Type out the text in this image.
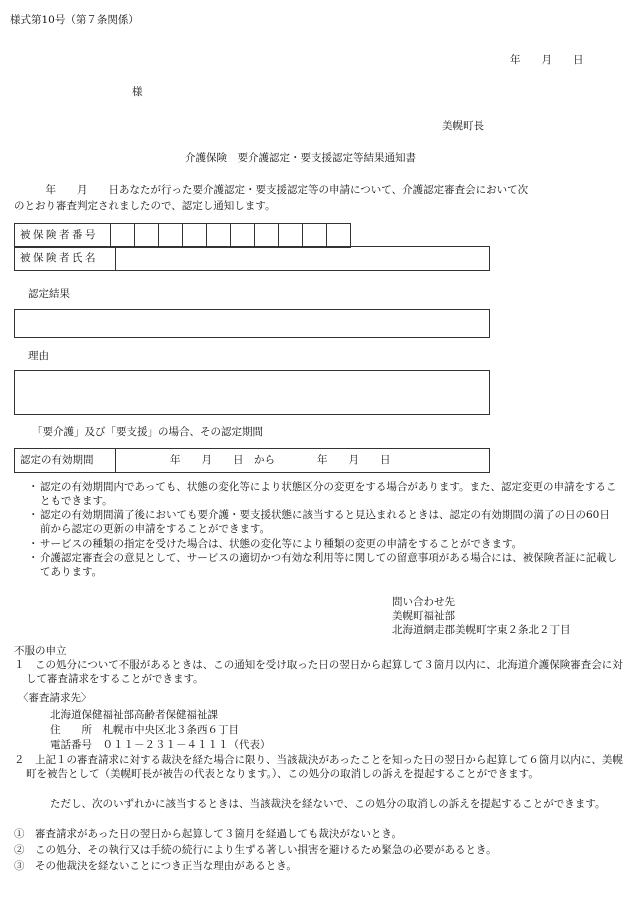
様式第10号（第７条関係）
年　　月　　日
様
美幌町長
介護保険　要介護認定・要支援認定等結果通知書
　　　年　　月　　日あなたが行った要介護認定・要支援認定等の申請について、介護認定審査会において次
のとおり審査判定されましたので、認定し通知します。
被保険者番号										
被保険者氏名	
認定結果
理由
「要介護」及び「要支援」の場合、その認定期間
認定の有効期間	年　　月　　日　から　　　　年　　月　　日
・ 認定の有効期間内であっても、状態の変化等により状態区分の変更をする場合があります。また、認定変更の申請をすることもできます。
・ 認定の有効期間満了後においても要介護・要支援状態に該当すると見込まれるときは、認定の有効期間の満了の日の60日前から認定の更新の申請をすることができます。
・ サービスの種類の指定を受けた場合は、状態の変化等により種類の変更の申請をすることができます。
・ 介護認定審査会の意見として、サービスの適切かつ有効な利用等に関しての留意事項がある場合には、被保険者証に記載してあります。
問い合わせ先
美幌町福祉部
北海道網走郡美幌町字東２条北２丁目
不服の申立
１　この処分について不服があるときは、この通知を受け取った日の翌日から起算して３箇月以内に、北海道介護保険審査会に対して審査請求をすることができます。
〈審査請求先〉
北海道保健福祉部高齢者保健福祉課
住　　所　札幌市中央区北３条西６丁目
電話番号　０１１－２３１－４１１１（代表）
２　上記１の審査請求に対する裁決を経た場合に限り、当該裁決があったことを知った日の翌日から起算して６箇月以内に、美幌町を被告として（美幌町長が被告の代表となります。）、この処分の取消しの訴えを提起することができます。
ただし、次のいずれかに該当するときは、当該裁決を経ないで、この処分の取消しの訴えを提起することができます。
①　審査請求があった日の翌日から起算して３箇月を経過しても裁決がないとき。
②　この処分、その執行又は手続の続行により生ずる著しい損害を避けるため緊急の必要があるとき。
③　その他裁決を経ないことにつき正当な理由があるとき。
